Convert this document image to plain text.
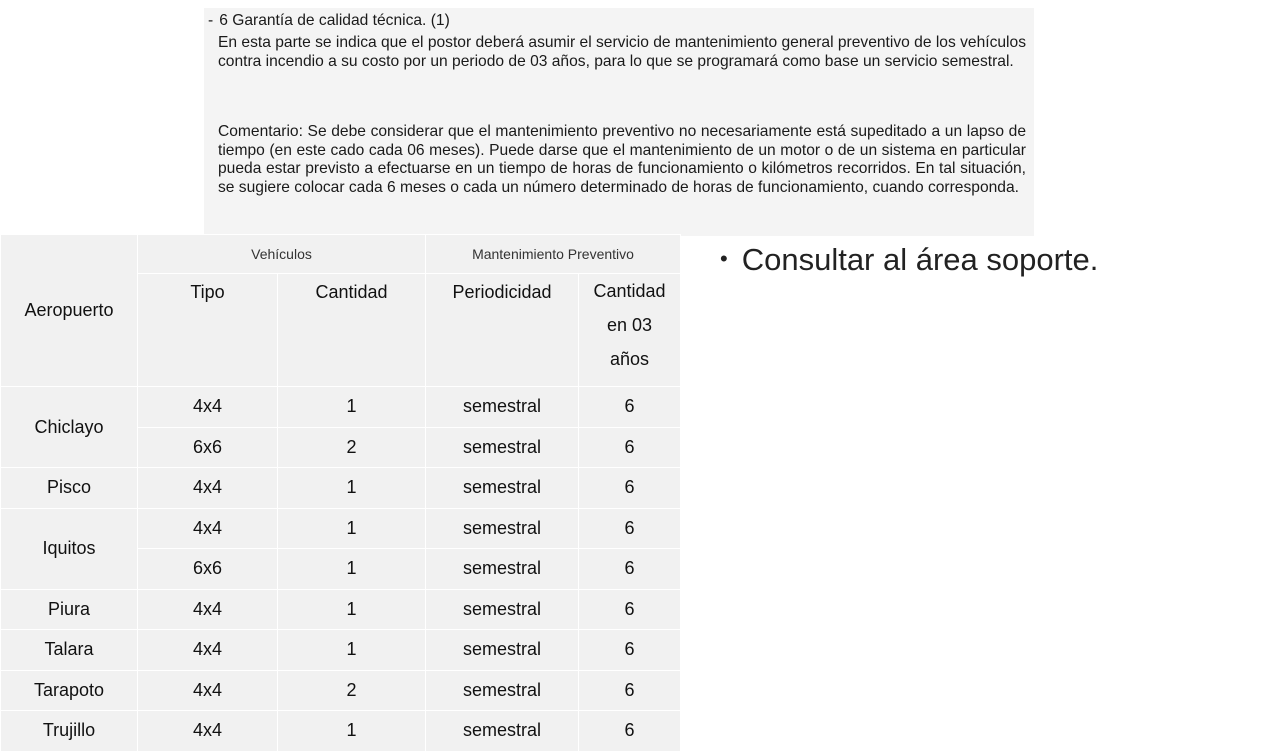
- 6 Garantía de calidad técnica. (1)
En esta parte se indica que el postor deberá asumir el servicio de mantenimiento general preventivo de los vehículos contra incendio a su costo por un periodo de 03 años, para lo que se programará como base un servicio semestral.
Comentario: Se debe considerar que el mantenimiento preventivo no necesariamente está supeditado a un lapso de tiempo (en este cado cada 06 meses). Puede darse que el mantenimiento de un motor o de un sistema en particular pueda estar previsto a efectuarse en un tiempo de horas de funcionamiento o kilómetros recorridos. En tal situación, se sugiere colocar cada 6 meses o cada un número determinado de horas de funcionamiento, cuando corresponda.
Aeropuerto	Vehículos		Mantenimiento Preventivo	
	Tipo	Cantidad	Periodicidad	Cantidad
en 03
años
Chiclayo	4x4	1	semestral	6
	6x6	2	semestral	6
Pisco	4x4	1	semestral	6
Iquitos	4x4	1	semestral	6
	6x6	1	semestral	6
Piura	4x4	1	semestral	6
Talara	4x4	1	semestral	6
Tarapoto	4x4	2	semestral	6
Trujillo	4x4	1	semestral	6
• Consultar al área soporte.
